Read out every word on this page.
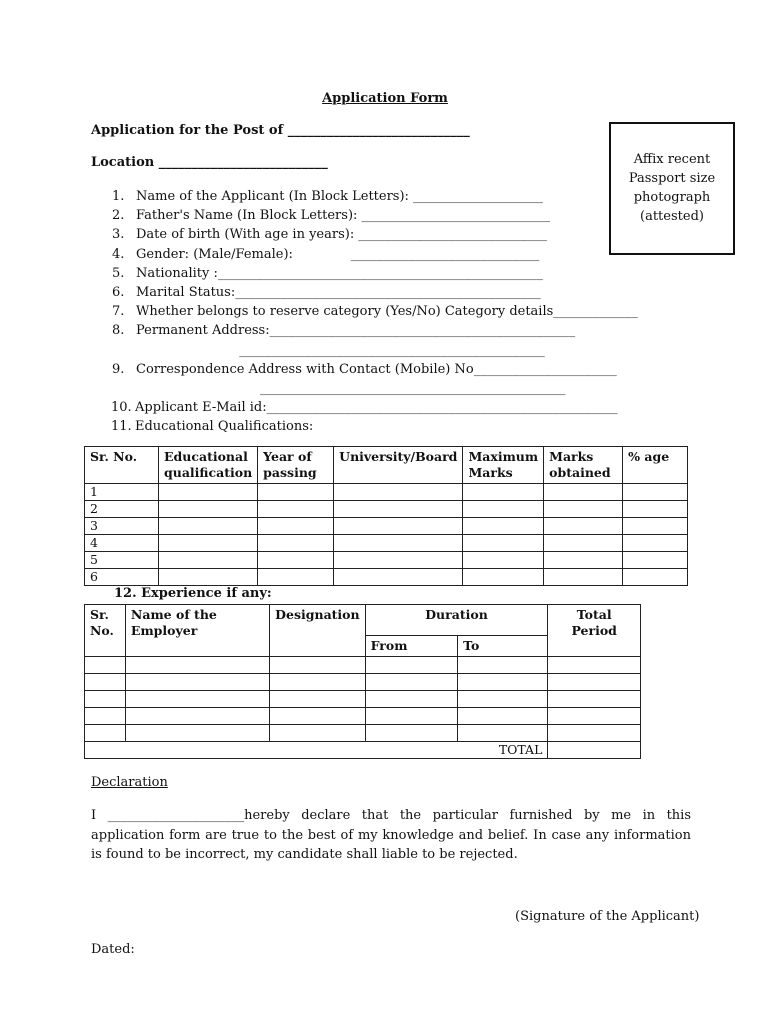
Application Form
Application for the Post of ____________________________
Location __________________________	Affix recent
Passport size
photograph
(attested)
1. Name of the Applicant (In Block Letters): ____________________
2. Father's Name (In Block Letters): _____________________________
3. Date of birth (With age in years): _____________________________
4. Gender: (Male/Female):              _____________________________
5. Nationality :__________________________________________________
6. Marital Status:_______________________________________________
7. Whether belongs to reserve category (Yes/No) Category details_____________
8. Permanent Address:_______________________________________________
_______________________________________________
9. Correspondence Address with Contact (Mobile) No______________________
_______________________________________________
10. Applicant E-Mail id:______________________________________________________
11. Educational Qualifications:
Sr. No.	Educational qualification	Year of passing	University/Board	Maximum Marks	Marks obtained	% age
1						
2						
3						
4						
5						
6						
12. Experience if any:
Sr. No.	Name of the Employer	Designation	Duration		Total Period
			From	To	

TOTAL					
Declaration
I _____________________hereby declare that the particular furnished by me in this application form are true to the best of my knowledge and belief. In case any information is found to be incorrect, my candidate shall liable to be rejected.
(Signature of the Applicant)
Dated:
